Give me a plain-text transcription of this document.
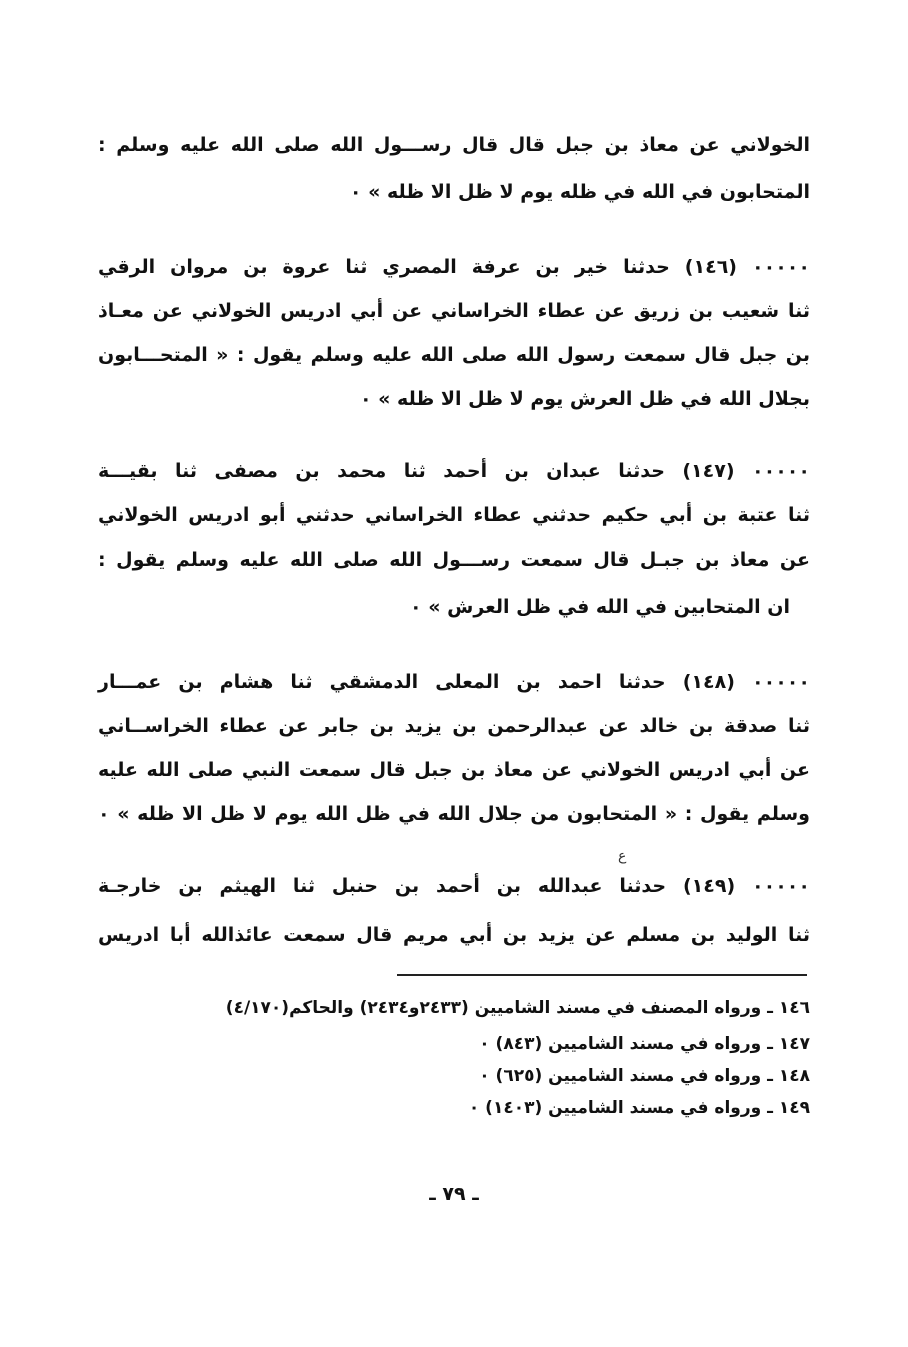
الخولاني عن معاذ بن جبل قال قال رســـول الله صلى الله عليه وسلم :
المتحابون في الله في ظله يوم لا ظل الا ظله » ٠
٠٠٠٠٠ (١٤٦) حدثنا خير بن عرفة المصري ثنا عروة بن مروان الرقي
ثنا شعيب بن زريق عن عطاء الخراساني عن أبي ادريس الخولاني عن معـاذ
بن جبل قال سمعت رسول الله صلى الله عليه وسلم يقول : « المتحـــابون
بجلال الله في ظل العرش يوم لا ظل الا ظله » ٠
٠٠٠٠٠ (١٤٧) حدثنا عبدان بن أحمد ثنا محمد بن مصفى ثنا بقيـــة
ثنا عتبة بن أبي حكيم حدثني عطاء الخراساني حدثني أبو ادريس الخولاني
عن معاذ بن جبـل قال سمعت رســـول الله صلى الله عليه وسلم يقول :
ان المتحابين في الله في ظل العرش » ٠
٠٠٠٠٠ (١٤٨) حدثنا احمد بن المعلى الدمشقي ثنا هشام بن عمـــار
ثنا صدقة بن خالد عن عبدالرحمن بن يزيد بن جابر عن عطاء الخراســاني
عن أبي ادريس الخولاني عن معاذ بن جبل قال سمعت النبي صلى الله عليه
وسلم يقول : « المتحابون من جلال الله في ظل الله يوم لا ظل الا ظله » ٠
ع
٠٠٠٠٠ (١٤٩) حدثنا عبدالله بن أحمد بن حنبل ثنا الهيثم بن خارجـة
ثنا الوليد بن مسلم عن يزيد بن أبي مريم قال سمعت عائذالله أبا ادريس
١٤٦ ـ ورواه المصنف في مسند الشاميين (٢٤٣٣و٢٤٣٤) والحاكم(٤/١٧٠)
١٤٧ ـ ورواه في مسند الشاميين (٨٤٣) ٠
١٤٨ ـ ورواه في مسند الشاميين (٦٢٥) ٠
١٤٩ ـ ورواه في مسند الشاميين (١٤٠٣) ٠
ـ ٧٩ ـ
